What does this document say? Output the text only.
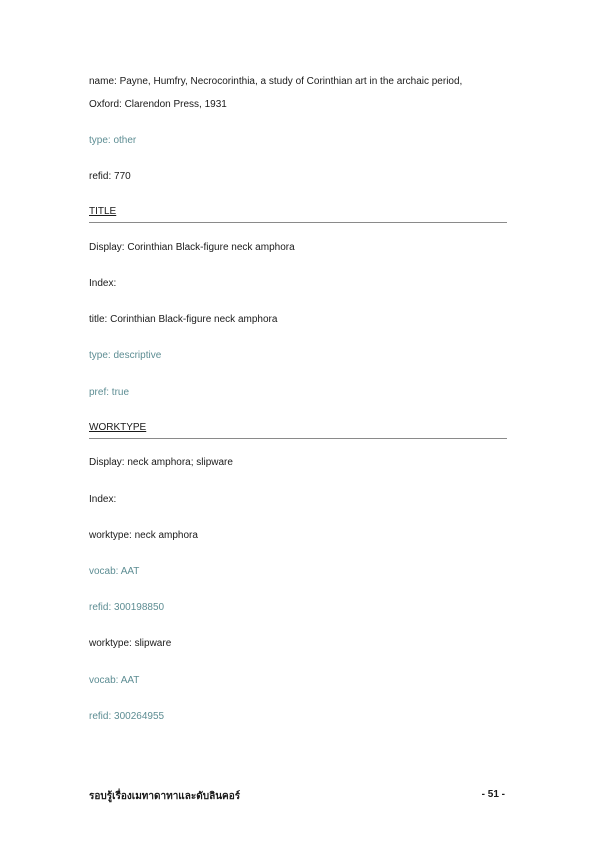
name: Payne, Humfry, Necrocorinthia, a study of Corinthian art in the archaic period,
Oxford: Clarendon Press, 1931
type: other
refid: 770
TITLE
Display: Corinthian Black-figure neck amphora
Index:
title: Corinthian Black-figure neck amphora
type: descriptive
pref: true
WORKTYPE
Display: neck amphora; slipware
Index:
worktype: neck amphora
vocab: AAT
refid: 300198850
worktype: slipware
vocab: AAT
refid: 300264955
รอบรู้เรื่องเมทาดาทาและดับลินคอร์	- 51 -
